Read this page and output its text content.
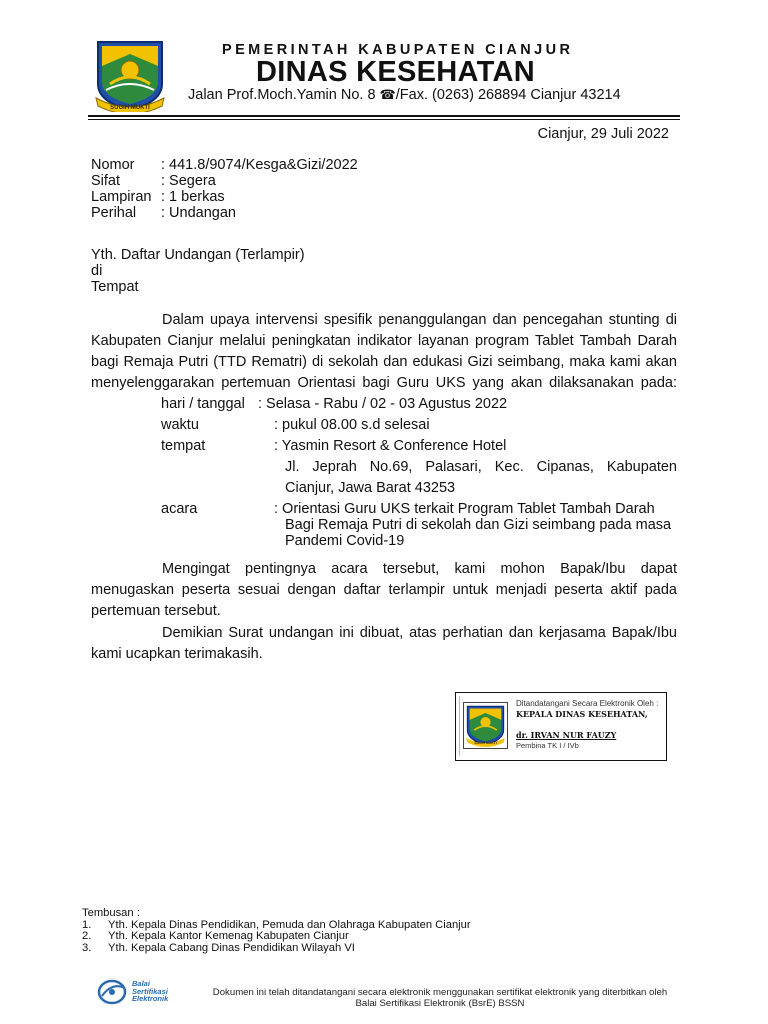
SUGIH MUKTI
PEMERINTAH KABUPATEN CIANJUR
DINAS KESEHATAN
Jalan Prof.Moch.Yamin No. 8 ☎/Fax. (0263) 268894 Cianjur 43214
Cianjur, 29 Juli 2022
Nomor : 441.8/9074/Kesga&Gizi/2022
Sifat	: Segera
Lampiran : 1 berkas
Perihal : Undangan
Yth. Daftar Undangan (Terlampir)
di
Tempat
Dalam upaya intervensi spesifik penanggulangan dan pencegahan stunting di
Kabupaten Cianjur melalui peningkatan indikator layanan program Tablet Tambah Darah
bagi Remaja Putri (TTD Rematri) di sekolah dan edukasi Gizi seimbang, maka kami akan
menyelenggarakan pertemuan Orientasi bagi Guru UKS yang akan dilaksanakan pada:
hari / tanggal : Selasa - Rabu / 02 - 03 Agustus 2022
waktu	: pukul 08.00 s.d selesai
tempat	: Yasmin Resort & Conference Hotel
Jl. Jeprah No.69, Palasari, Kec. Cipanas, Kabupaten
Cianjur, Jawa Barat 43253
acara	: Orientasi Guru UKS terkait Program Tablet Tambah Darah
Bagi Remaja Putri di sekolah dan Gizi seimbang pada masa
Pandemi Covid-19
Mengingat pentingnya acara tersebut, kami mohon Bapak/Ibu dapat
menugaskan peserta sesuai dengan daftar terlampir untuk menjadi peserta aktif pada
pertemuan tersebut.
Demikian Surat undangan ini dibuat, atas perhatian dan kerjasama Bapak/Ibu
kami ucapkan terimakasih.
SUGIH MUKTI
Ditandatangani Secara Elektronik Oleh :
KEPALA DINAS KESEHATAN,
dr. IRVAN NUR FAUZY
Pembina TK I / IVb
Tembusan :
1. Yth. Kepala Dinas Pendidikan, Pemuda dan Olahraga Kabupaten Cianjur
2. Yth. Kepala Kantor Kemenag Kabupaten Cianjur
3. Yth. Kepala Cabang Dinas Pendidikan Wilayah VI
Balai
Sertifikasi
Elektronik
Dokumen ini telah ditandatangani secara elektronik menggunakan sertifikat elektronik yang diterbitkan oleh
Balai Sertifikasi Elektronik (BsrE) BSSN
